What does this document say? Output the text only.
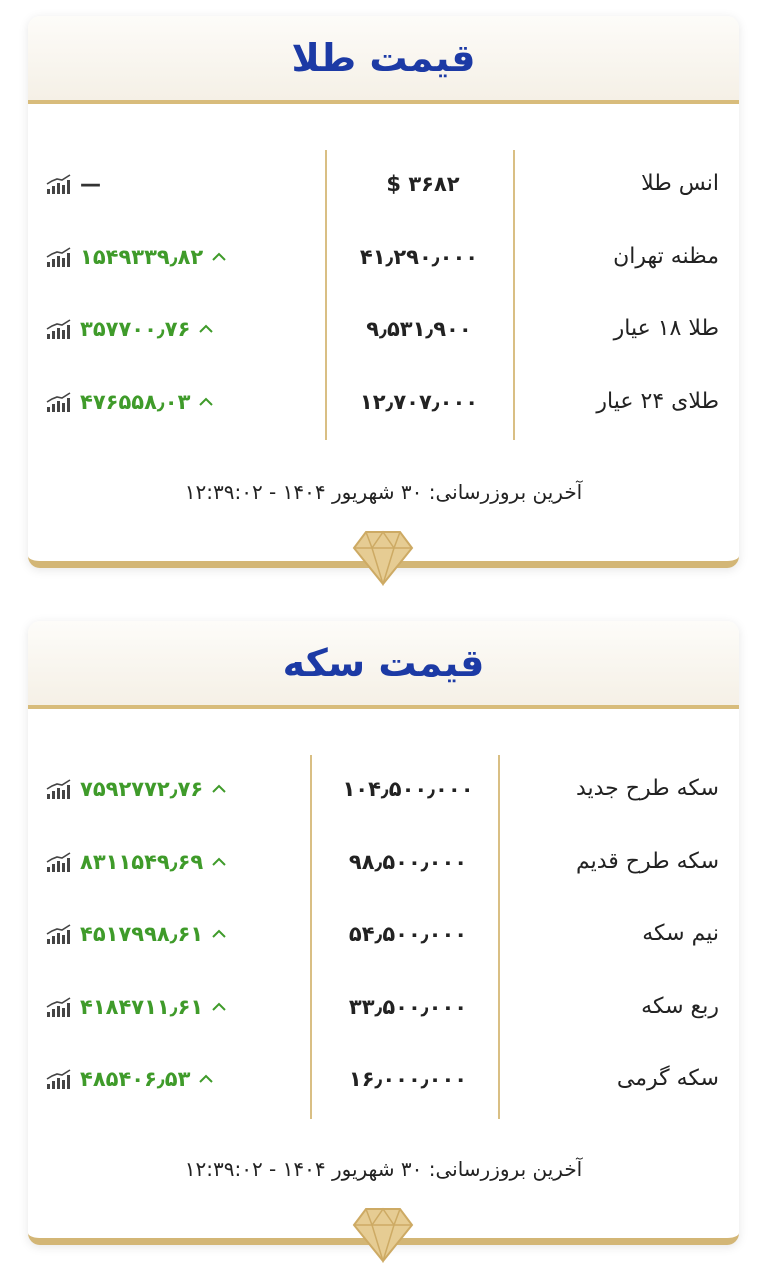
قیمت طلا
انس طلا
$ ۳۶۸۲
—
مظنه تهران
۴۱٫۲۹۰٫۰۰۰
۱۵۴۹۳۳۹٫۸۲
طلا ۱۸ عیار
۹٫۵۳۱٫۹۰۰
۳۵۷۷۰۰٫۷۶
طلای ۲۴ عیار
۱۲٫۷۰۷٫۰۰۰
۴۷۶۵۵۸٫۰۳
آخرین بروزرسانی: ۳۰ شهریور ۱۴۰۴ - ۱۲:۳۹:۰۲
قیمت سکه
سکه طرح جدید
۱۰۴٫۵۰۰٫۰۰۰
۷۵۹۲۷۷۲٫۷۶
سکه طرح قدیم
۹۸٫۵۰۰٫۰۰۰
۸۳۱۱۵۴۹٫۶۹
نیم سکه
۵۴٫۵۰۰٫۰۰۰
۴۵۱۷۹۹۸٫۶۱
ربع سکه
۳۳٫۵۰۰٫۰۰۰
۴۱۸۴۷۱۱٫۶۱
سکه گرمی
۱۶٫۰۰۰٫۰۰۰
۴۸۵۴۰۶٫۵۳
آخرین بروزرسانی: ۳۰ شهریور ۱۴۰۴ - ۱۲:۳۹:۰۲
